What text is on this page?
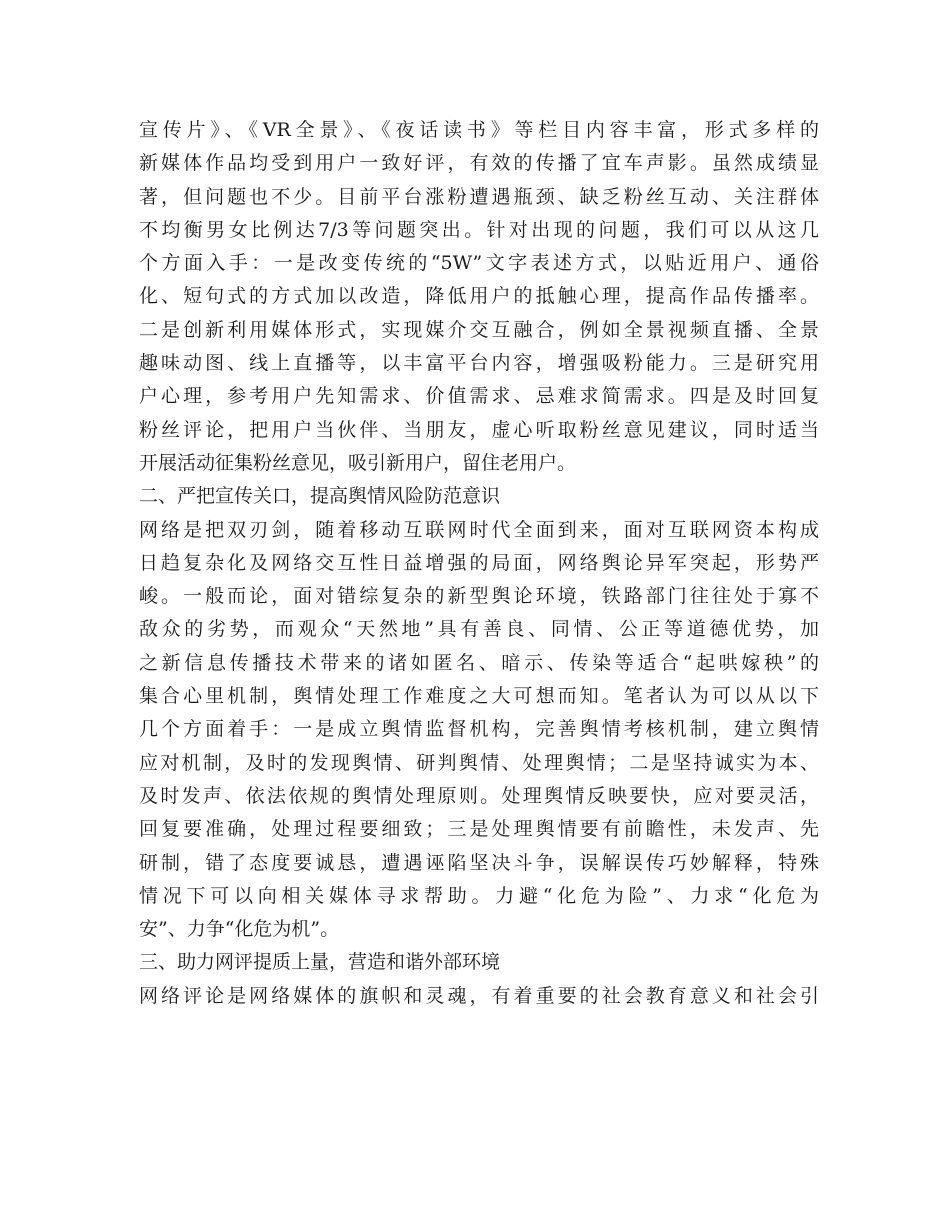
宣传片》、《VR全景》、《夜话读书》等栏目内容丰富，形式多样的
新媒体作品均受到用户一致好评，有效的传播了宜车声影。虽然成绩显
著，但问题也不少。目前平台涨粉遭遇瓶颈、缺乏粉丝互动、关注群体
不均衡男女比例达7/3等问题突出。针对出现的问题，我们可以从这几
个方面入手：一是改变传统的“5W”文字表述方式，以贴近用户、通俗
化、短句式的方式加以改造，降低用户的抵触心理，提高作品传播率。
二是创新利用媒体形式，实现媒介交互融合，例如全景视频直播、全景
趣味动图、线上直播等，以丰富平台内容，增强吸粉能力。三是研究用
户心理，参考用户先知需求、价值需求、忌难求简需求。四是及时回复
粉丝评论，把用户当伙伴、当朋友，虚心听取粉丝意见建议，同时适当
开展活动征集粉丝意见，吸引新用户，留住老用户。
二、严把宣传关口，提高舆情风险防范意识
网络是把双刃剑，随着移动互联网时代全面到来，面对互联网资本构成
日趋复杂化及网络交互性日益增强的局面，网络舆论异军突起，形势严
峻。一般而论，面对错综复杂的新型舆论环境，铁路部门往往处于寡不
敌众的劣势，而观众“天然地”具有善良、同情、公正等道德优势，加
之新信息传播技术带来的诸如匿名、暗示、传染等适合“起哄嫁秧”的
集合心里机制，舆情处理工作难度之大可想而知。笔者认为可以从以下
几个方面着手：一是成立舆情监督机构，完善舆情考核机制，建立舆情
应对机制，及时的发现舆情、研判舆情、处理舆情；二是坚持诚实为本、
及时发声、依法依规的舆情处理原则。处理舆情反映要快，应对要灵活，
回复要准确，处理过程要细致；三是处理舆情要有前瞻性，未发声、先
研制，错了态度要诚恳，遭遇诬陷坚决斗争，误解误传巧妙解释，特殊
情况下可以向相关媒体寻求帮助。力避“化危为险”、力求“化危为
安”、力争“化危为机”。
三、助力网评提质上量，营造和谐外部环境
网络评论是网络媒体的旗帜和灵魂，有着重要的社会教育意义和社会引
